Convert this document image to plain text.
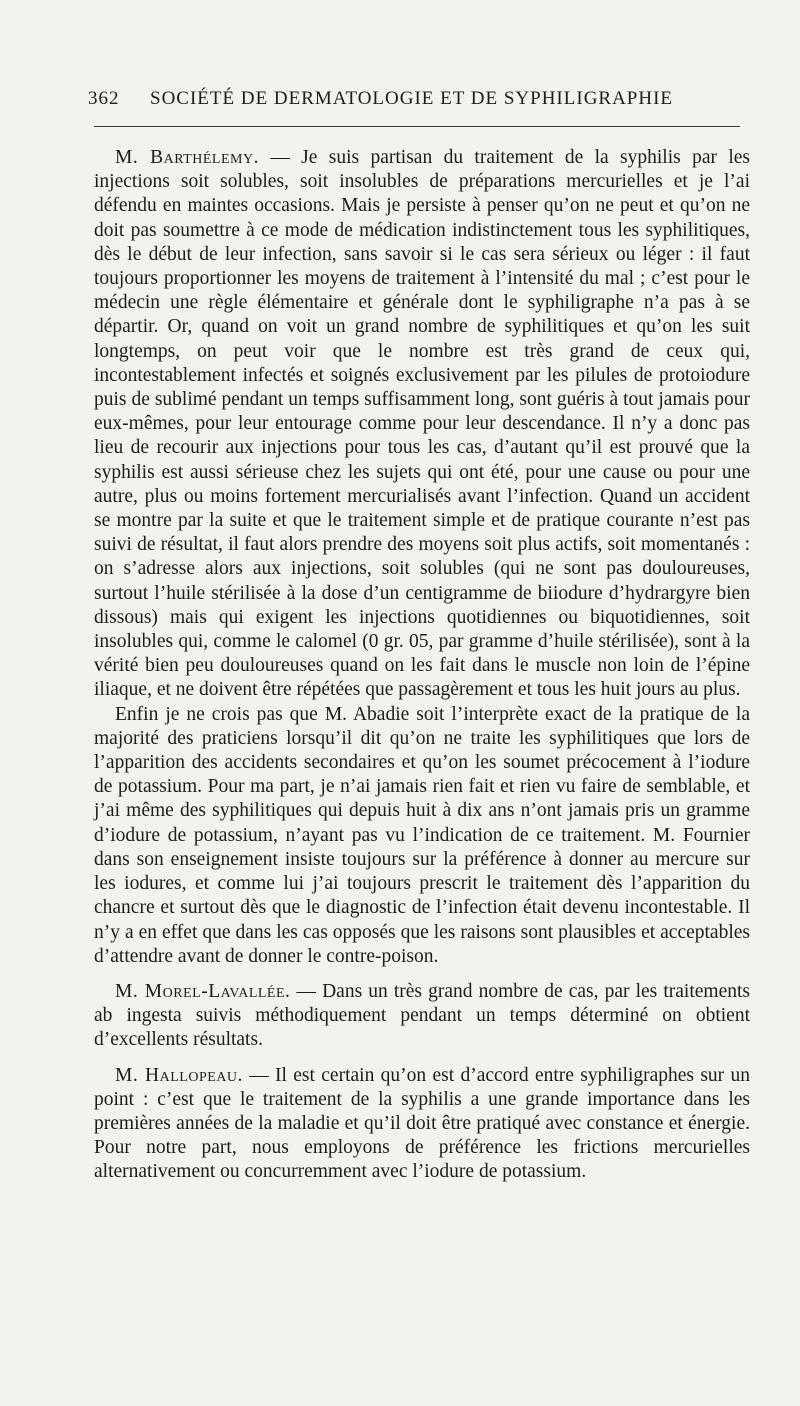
362 SOCIÉTÉ DE DERMATOLOGIE ET DE SYPHILIGRAPHIE

M. Barthélemy. — Je suis partisan du traitement de la syphilis par les injections soit solubles, soit insolubles de préparations mercurielles et je l’ai défendu en maintes occasions. Mais je persiste à penser qu’on ne peut et qu’on ne doit pas soumettre à ce mode de médication indistinctement tous les syphilitiques, dès le début de leur infection, sans savoir si le cas sera sérieux ou léger : il faut toujours proportionner les moyens de traitement à l’intensité du mal ; c’est pour le médecin une règle élémentaire et générale dont le syphiligraphe n’a pas à se départir. Or, quand on voit un grand nombre de syphilitiques et qu’on les suit longtemps, on peut voir que le nombre est très grand de ceux qui, incontestablement infectés et soignés exclusivement par les pilules de protoiodure puis de sublimé pendant un temps suffisamment long, sont guéris à tout jamais pour eux-mêmes, pour leur entourage comme pour leur descendance. Il n’y a donc pas lieu de recourir aux injections pour tous les cas, d’autant qu’il est prouvé que la syphilis est aussi sérieuse chez les sujets qui ont été, pour une cause ou pour une autre, plus ou moins fortement mercurialisés avant l’infection. Quand un accident se montre par la suite et que le traitement simple et de pratique courante n’est pas suivi de résultat, il faut alors prendre des moyens soit plus actifs, soit momentanés : on s’adresse alors aux injections, soit solubles (qui ne sont pas douloureuses, surtout l’huile stérilisée à la dose d’un centigramme de biiodure d’hydrargyre bien dissous) mais qui exigent les injections quotidiennes ou biquotidiennes, soit insolubles qui, comme le calomel (0 gr. 05, par gramme d’huile stérilisée), sont à la vérité bien peu douloureuses quand on les fait dans le muscle non loin de l’épine iliaque, et ne doivent être répétées que passagèrement et tous les huit jours au plus.

Enfin je ne crois pas que M. Abadie soit l’interprète exact de la pratique de la majorité des praticiens lorsqu’il dit qu’on ne traite les syphilitiques que lors de l’apparition des accidents secondaires et qu’on les soumet précocement à l’iodure de potassium. Pour ma part, je n’ai jamais rien fait et rien vu faire de semblable, et j’ai même des syphilitiques qui depuis huit à dix ans n’ont jamais pris un gramme d’iodure de potassium, n’ayant pas vu l’indication de ce traitement. M. Fournier dans son enseignement insiste toujours sur la préférence à donner au mercure sur les iodures, et comme lui j’ai toujours prescrit le traitement dès l’apparition du chancre et surtout dès que le diagnostic de l’infection était devenu incontestable. Il n’y a en effet que dans les cas opposés que les raisons sont plausibles et acceptables d’attendre avant de donner le contre-poison.

M. Morel-Lavallée. — Dans un très grand nombre de cas, par les traitements ab ingesta suivis méthodiquement pendant un temps déterminé on obtient d’excellents résultats.

M. Hallopeau. — Il est certain qu’on est d’accord entre syphiligraphes sur un point : c’est que le traitement de la syphilis a une grande importance dans les premières années de la maladie et qu’il doit être pratiqué avec constance et énergie. Pour notre part, nous employons de préférence les frictions mercurielles alternativement ou concurremment avec l’iodure de potassium.
